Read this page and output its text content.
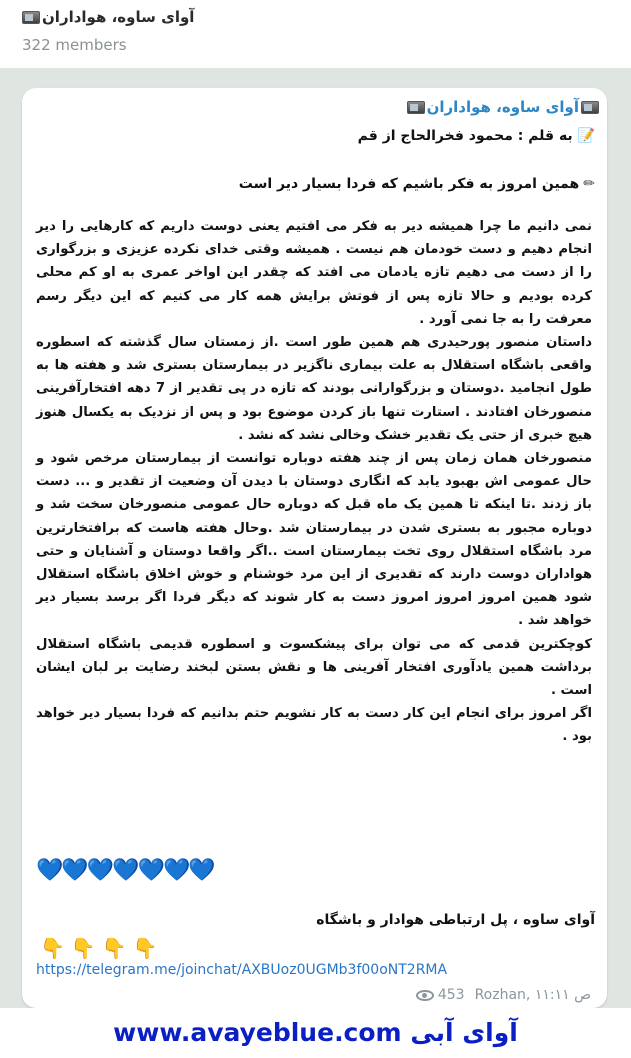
آوای ساوه، هواداران
322 members
آوای ساوه، هواداران
📝 به قلم : محمود فخرالحاج از قم
✏همین امروز به فکر باشیم که فردا بسیار دیر است

نمی دانیم ما چرا همیشه دیر به فکر می افتیم یعنی دوست داریم که کارهایی را دیر انجام دهیم و دست خودمان هم نیست . همیشه وقتی خدای نکرده عزیزی و بزرگواری را از دست می دهیم تازه یادمان می افتد که چقدر این اواخر عمری به او کم محلی کرده بودیم و حالا تازه پس از فوتش برایش همه کار می کنیم که این دیگر رسم معرفت را به جا نمی آورد .

داستان منصور پورحیدری هم همین طور است .از زمستان سال گذشته که اسطوره واقعی باشگاه استقلال به علت بیماری ناگزیر در بیمارستان بستری شد و هفته ها به طول انجامید .دوستان و بزرگوارانی بودند که تازه در پی تقدیر از 7 دهه افتخارآفرینی منصورخان افتادند . استارت تنها باز کردن موضوع بود و پس از نزدیک به یکسال هنوز هیچ خبری از حتی یک تقدیر خشک وخالی نشد که نشد .

منصورخان همان زمان پس از چند هفته دوباره توانست از بیمارستان مرخص شود و حال عمومی اش بهبود یابد که انگاری دوستان با دیدن آن وضعیت از تقدیر و ... دست باز زدند .تا اینکه تا همین یک ماه قبل که دوباره حال عمومی منصورخان سخت شد و دوباره مجبور به بستری شدن در بیمارستان شد .وحال هفته هاست که برافتخارترین مرد باشگاه استقلال روی تخت بیمارستان است ..اگر واقعا دوستان و آشنایان و حتی هواداران دوست دارند که تقدیری از این مرد خوشنام و خوش اخلاق باشگاه استقلال شود همین امروز امروز امروز دست به کار شوند که دیگر فردا اگر برسد بسیار دیر خواهد شد .

کوچکترین قدمی که می توان برای پیشکسوت و اسطوره قدیمی باشگاه استقلال برداشت همین یادآوری افتخار آفرینی ها و نقش بستن لبخند رضایت بر لبان ایشان است .

اگر امروز برای انجام این کار دست به کار نشویم حتم بدانیم که فردا بسیار دیر خواهد بود .

💙💙💙💙💙💙💙
آوای ساوه ، پل ارتباطی هوادار و باشگاه
👇👇👇👇
https://telegram.me/joinchat/AXBUoz0UGMb3f00oNT2RMA
453 Rozhan, ۱۱:۱۱ ص
www.avayeblue.com آوای آبی
